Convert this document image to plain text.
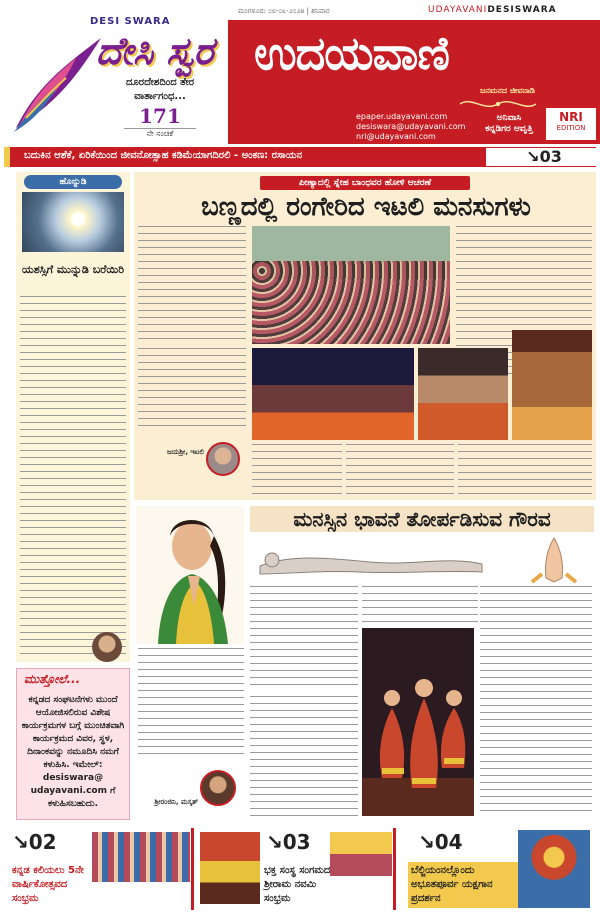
DESI SWARA
ದೇಸಿ ಸ್ವರ
ದೂರದೇಶದಿಂದ ತೇರ
ವಾರ್ತಾಗಂಧ...
171
ನೇ ಸಂಚಿಕೆ
ಮಂಗಳೂರು ೦೮-೦೩-೨೦೨೫ | ಶನಿವಾರ	UDAYAVANIDESISWARA
ಉದಯವಾಣಿ
ಜನಮನದ ಜೀವನಾಡಿ
epaper.udayavani.com
desiswara@udayavani.com
nri@udayavani.com
ಅನಿವಾಸಿ
ಕನ್ನಡಿಗರ ಆವೃತ್ತಿ
NRI
EDITION
ಬದುಕಿನ ಆಶೆಕೆ, ಏರಿಕೆಯಿಂದ ಜೀವನೋತ್ಸಾಹ ಕಡಿಮೆಯಾಗದಿರಲಿ - ಅಂಕಣ: ರಸಾಯನ	↘03
ಹೊನ್ನುಡಿ
ಯಶಸ್ಸಿಗೆ ಮುನ್ನುಡಿ ಬರೆಯಿರಿ
ಮುತ್ತೋಲೆ...
ಕನ್ನಡದ ಸಂಘಟನೆಗಳು ಮುಂದೆ ಆಯೋಜಿಸಲಿರುವ ವಿಶೇಷ ಕಾರ್ಯಕ್ರಮಗಳ ಬಗ್ಗೆ ಮುಂಚಿತವಾಗಿ ಕಾರ್ಯಕ್ರಮದ ವಿವರ, ಸ್ಥಳ, ದಿನಾಂಕವನ್ನು ನಮೂದಿಸಿ ನಮಗೆ ಕಳುಹಿಸಿ. ಇಮೇಲ್: desiswara@ udayavani.com ಗೆ ಕಳುಹಿಸಬಹುದು.
ಪೀಣ್ಯಾದಲ್ಲಿ ಸ್ನೇಹ ಬಾಂಧವರ ಹೋಳಿ ಆಚರಣೆ
ಬಣ್ಣದಲ್ಲಿ ರಂಗೇರಿದ ಇಟಲಿ ಮನಸುಗಳು
ಜಯಶ್ರೀ, ಇಟಲಿ
ಮನಸ್ಸಿನ ಭಾವನೆ ತೋರ್ಪಡಿಸುವ ಗೌರವ
ಶ್ರೀರಂಜಿನಿ, ಮಸ್ಕತ್
↘02
ಕನ್ನಡ ಕಲಿಯಲು 5ನೇ
ವಾರ್ಷಿಕೋತ್ಸವದ
ಸಂಭ್ರಮ
↘03
ಭಕ್ತ ಸಂಸ್ಥ ಸಂಗಮದ
ಶ್ರೀರಾಮ ನವಮಿ
ಸಂಭ್ರಮ
↘04
ಬೆಲ್ಜಿಯಂನಲ್ಲೊಂದು
ಅಭೂತಪೂರ್ವ ಯಕ್ಷಗಾನ
ಪ್ರದರ್ಶನ
